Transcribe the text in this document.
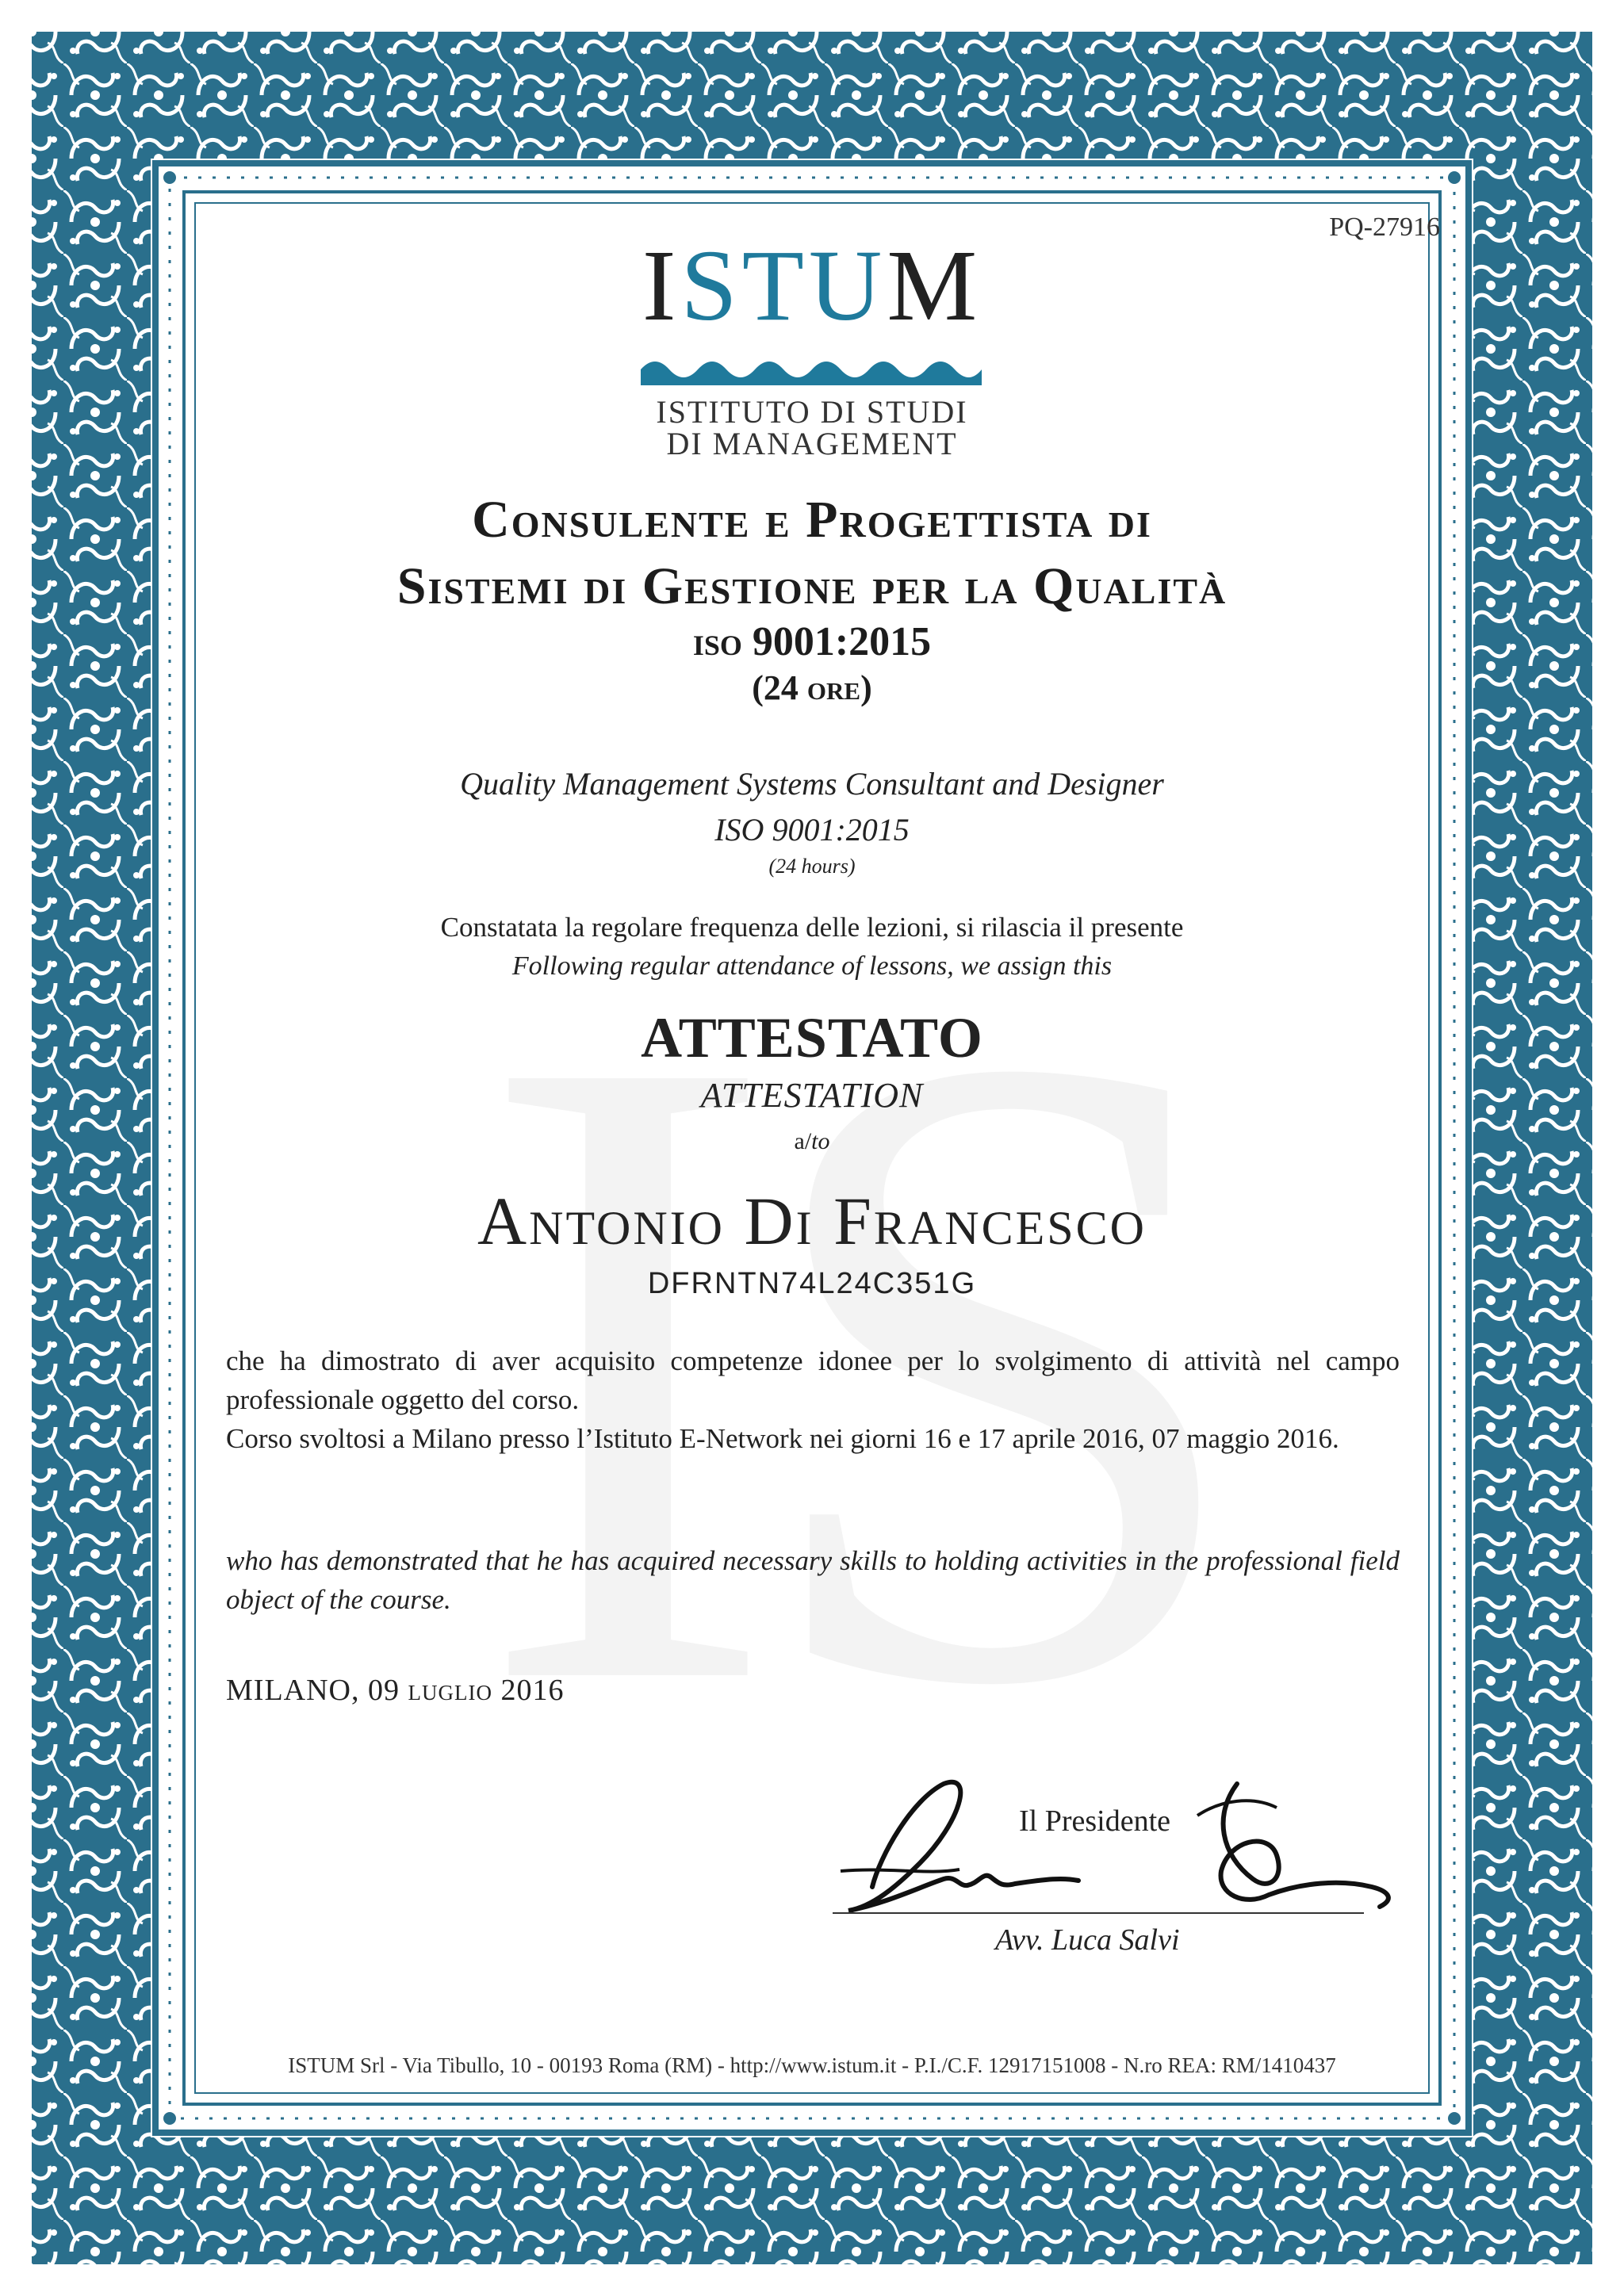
PQ-27916
ISTUM
ISTITUTO DI STUDI
DI MANAGEMENT
Consulente e Progettista di
Sistemi di Gestione per la Qualità
iso 9001:2015
(24 ore)
Quality Management Systems Consultant and Designer
ISO 9001:2015
(24 hours)
Constatata la regolare frequenza delle lezioni, si rilascia il presente
Following regular attendance of lessons, we assign this
ATTESTATO
ATTESTATION
a/to
Antonio Di Francesco
DFRNTN74L24C351G
che ha dimostrato di aver acquisito competenze idonee per lo svolgimento di attività nel campo professionale oggetto del corso.
Corso svoltosi a Milano presso l’Istituto E-Network nei giorni 16 e 17 aprile 2016, 07 maggio 2016.
who has demonstrated that he has acquired necessary skills to holding activities in the professional field object of the course.
MILANO, 09 luglio 2016
Il Presidente
Avv. Luca Salvi
ISTUM Srl - Via Tibullo, 10 - 00193 Roma (RM) - http://www.istum.it - P.I./C.F. 12917151008 - N.ro REA: RM/1410437
